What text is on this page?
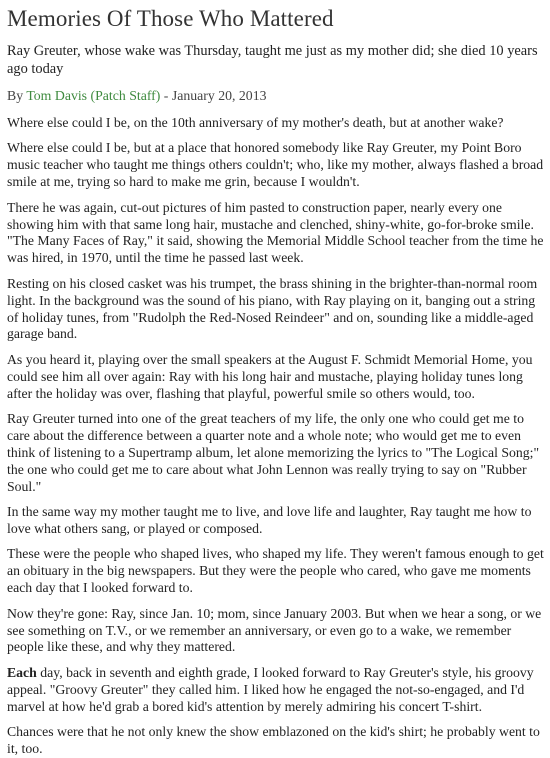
Memories Of Those Who Mattered
Ray Greuter, whose wake was Thursday, taught me just as my mother did; she died 10 years ago today
By Tom Davis (Patch Staff) - January 20, 2013

Where else could I be, on the 10th anniversary of my mother's death, but at another wake?

Where else could I be, but at a place that honored somebody like Ray Greuter, my Point Boro music teacher who taught me things others couldn't; who, like my mother, always flashed a broad smile at me, trying so hard to make me grin, because I wouldn't.

There he was again, cut-out pictures of him pasted to construction paper, nearly every one showing him with that same long hair, mustache and clenched, shiny-white, go-for-broke smile. "The Many Faces of Ray," it said, showing the Memorial Middle School teacher from the time he was hired, in 1970, until the time he passed last week.

Resting on his closed casket was his trumpet, the brass shining in the brighter-than-normal room light. In the background was the sound of his piano, with Ray playing on it, banging out a string of holiday tunes, from "Rudolph the Red-Nosed Reindeer" and on, sounding like a middle-aged garage band.

As you heard it, playing over the small speakers at the August F. Schmidt Memorial Home, you could see him all over again: Ray with his long hair and mustache, playing holiday tunes long after the holiday was over, flashing that playful, powerful smile so others would, too.

Ray Greuter turned into one of the great teachers of my life, the only one who could get me to care about the difference between a quarter note and a whole note; who would get me to even think of listening to a Supertramp album, let alone memorizing the lyrics to "The Logical Song;" the one who could get me to care about what John Lennon was really trying to say on "Rubber Soul."

In the same way my mother taught me to live, and love life and laughter, Ray taught me how to love what others sang, or played or composed.

These were the people who shaped lives, who shaped my life. They weren't famous enough to get an obituary in the big newspapers. But they were the people who cared, who gave me moments each day that I looked forward to.

Now they're gone: Ray, since Jan. 10; mom, since January 2003. But when we hear a song, or we see something on T.V., or we remember an anniversary, or even go to a wake, we remember people like these, and why they mattered.

Each day, back in seventh and eighth grade, I looked forward to Ray Greuter's style, his groovy appeal. "Groovy Greuter" they called him. I liked how he engaged the not-so-engaged, and I'd marvel at how he'd grab a bored kid's attention by merely admiring his concert T-shirt.

Chances were that he not only knew the show emblazoned on the kid's shirt; he probably went to it, too.
